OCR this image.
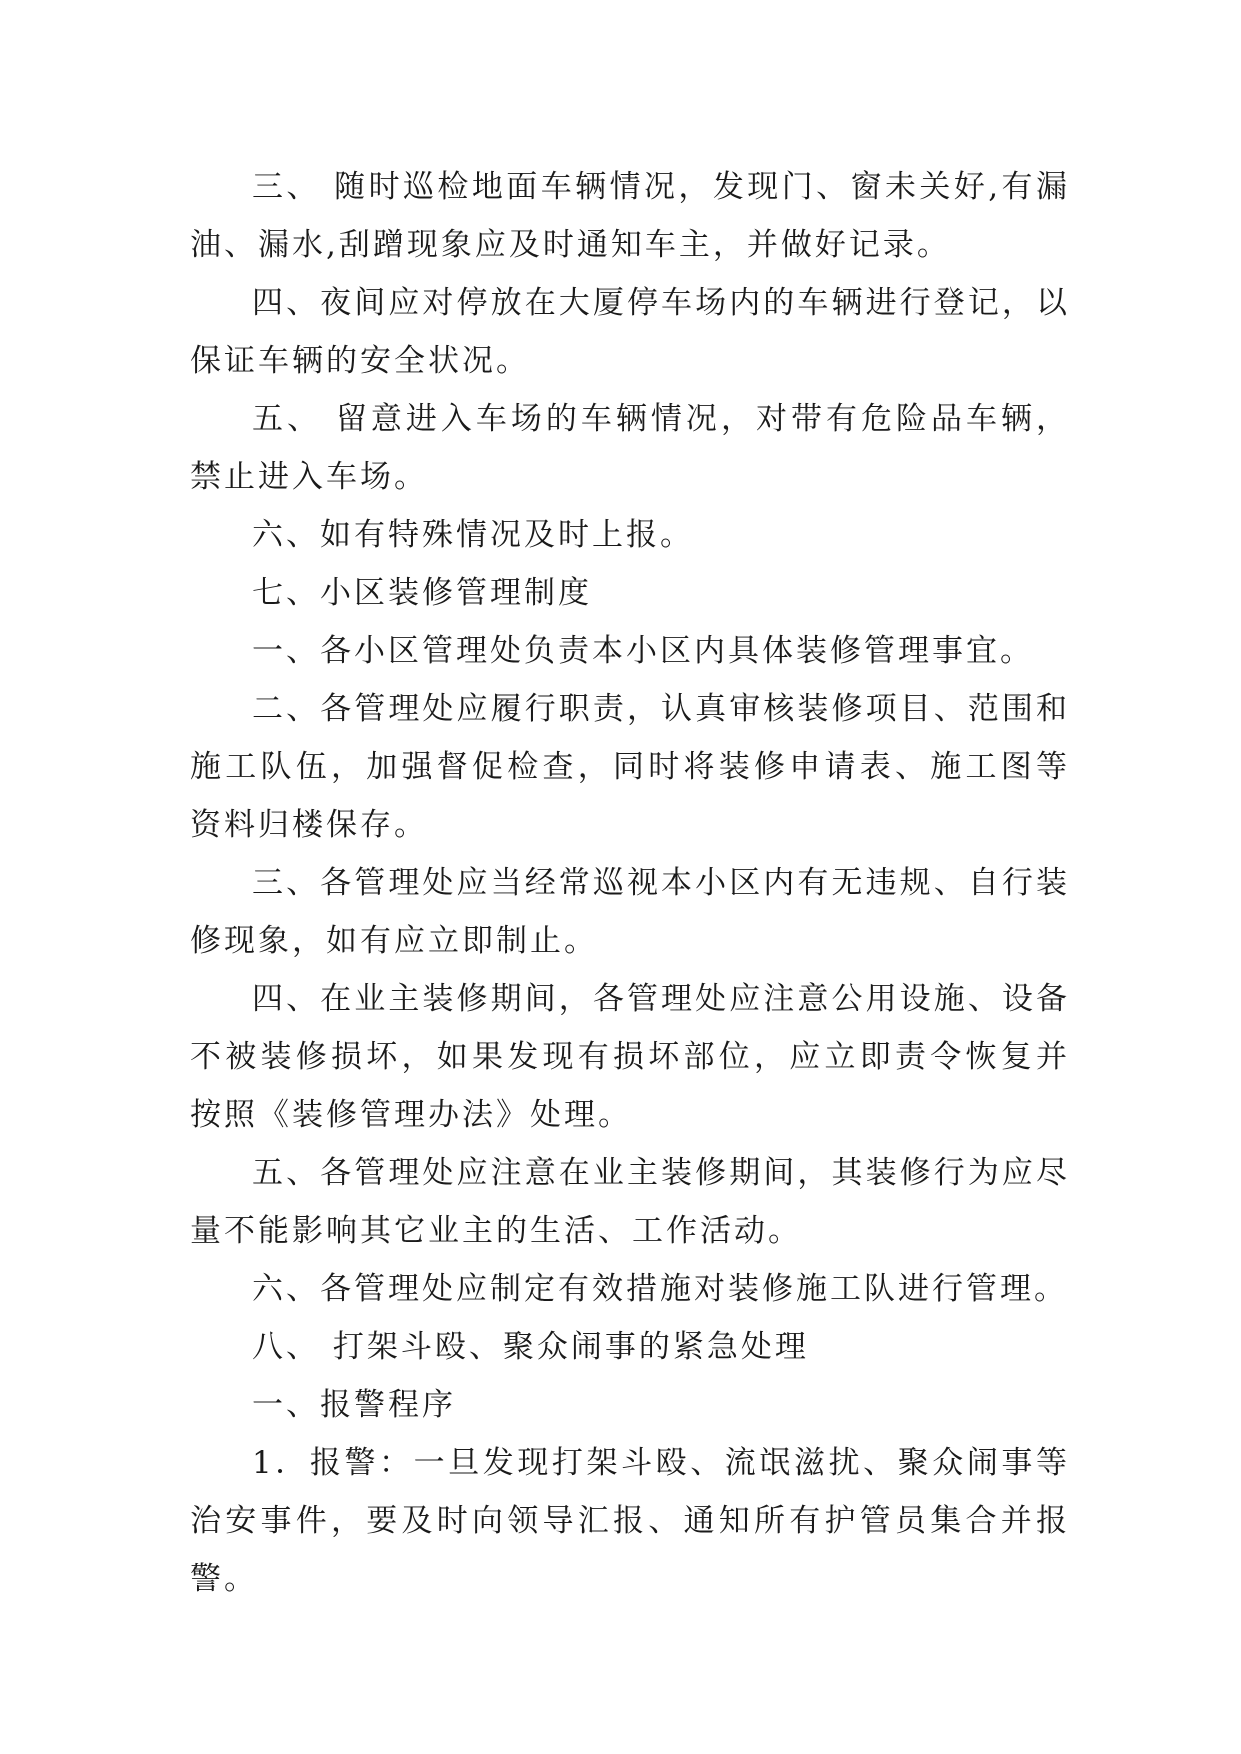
三、 随时巡检地面车辆情况，发现门、窗未关好,有漏油、漏水,刮蹭现象应及时通知车主，并做好记录。

四、夜间应对停放在大厦停车场内的车辆进行登记，以保证车辆的安全状况。

五、 留意进入车场的车辆情况，对带有危险品车辆，禁止进入车场。

六、如有特殊情况及时上报。

七、小区装修管理制度

一、各小区管理处负责本小区内具体装修管理事宜。

二、各管理处应履行职责，认真审核装修项目、范围和施工队伍，加强督促检查，同时将装修申请表、施工图等资料归楼保存。

三、各管理处应当经常巡视本小区内有无违规、自行装修现象，如有应立即制止。

四、在业主装修期间，各管理处应注意公用设施、设备不被装修损坏，如果发现有损坏部位，应立即责令恢复并按照《装修管理办法》处理。

五、各管理处应注意在业主装修期间，其装修行为应尽量不能影响其它业主的生活、工作活动。

六、各管理处应制定有效措施对装修施工队进行管理。

八、 打架斗殴、聚众闹事的紧急处理

一、报警程序

1．报警：一旦发现打架斗殴、流氓滋扰、聚众闹事等治安事件，要及时向领导汇报、通知所有护管员集合并报警。
